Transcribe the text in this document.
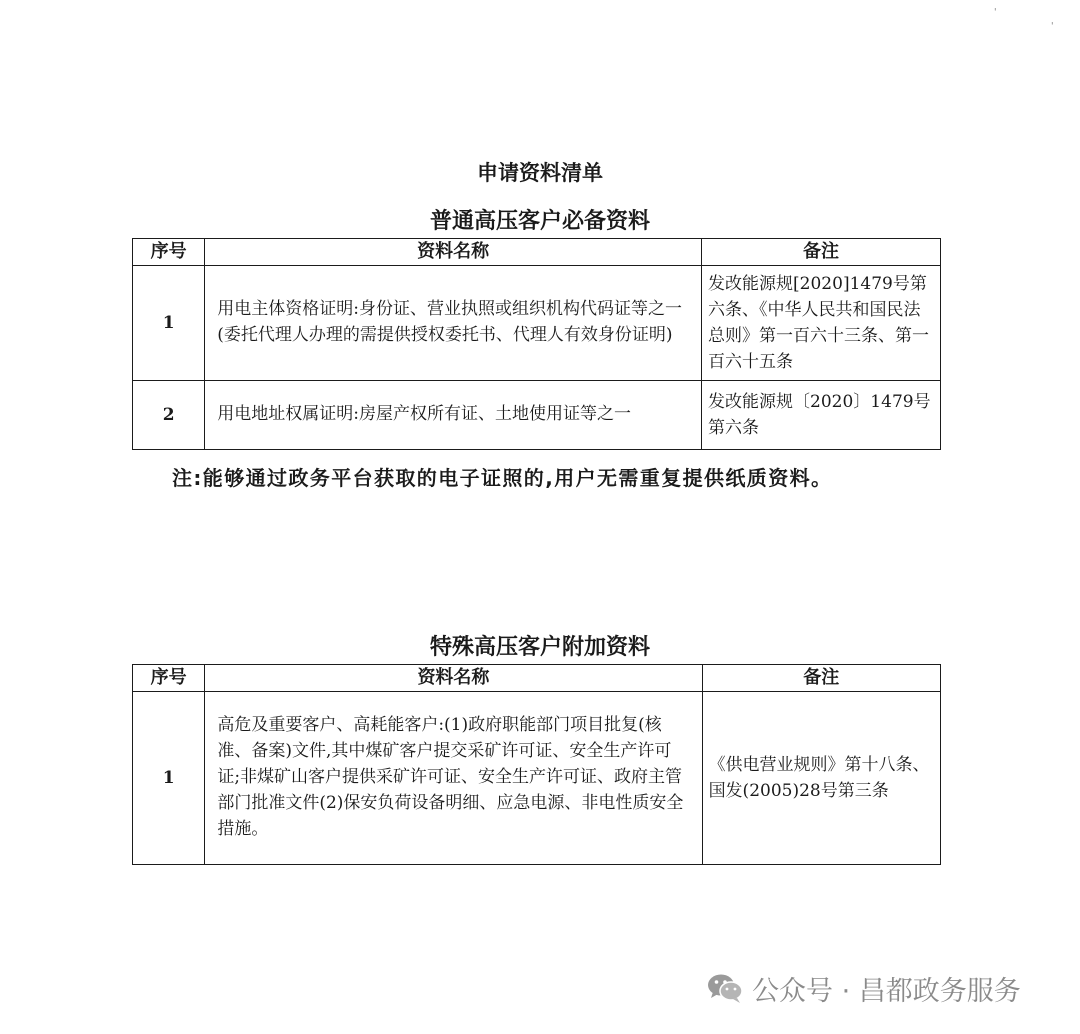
'
'
申请资料清单
普通高压客户必备资料
序号	资料名称	备注
1	用电主体资格证明:身份证、营业执照或组织机构代码证等之一(委托代理人办理的需提供授权委托书、代理人有效身份证明)	发改能源规[2020]1479号第六条、《中华人民共和国民法总则》第一百六十三条、第一百六十五条
2	用电地址权属证明:房屋产权所有证、土地使用证等之一	发改能源规〔2020〕1479号第六条
注:能够通过政务平台获取的电子证照的,用户无需重复提供纸质资料。
特殊高压客户附加资料
序号	资料名称	备注
1	高危及重要客户、高耗能客户:(1)政府职能部门项目批复(核准、备案)文件,其中煤矿客户提交采矿许可证、安全生产许可证;非煤矿山客户提供采矿许可证、安全生产许可证、政府主管部门批准文件(2)保安负荷设备明细、应急电源、非电性质安全措施。	《供电营业规则》第十八条、国发(2005)28号第三条
公众号 · 昌都政务服务
